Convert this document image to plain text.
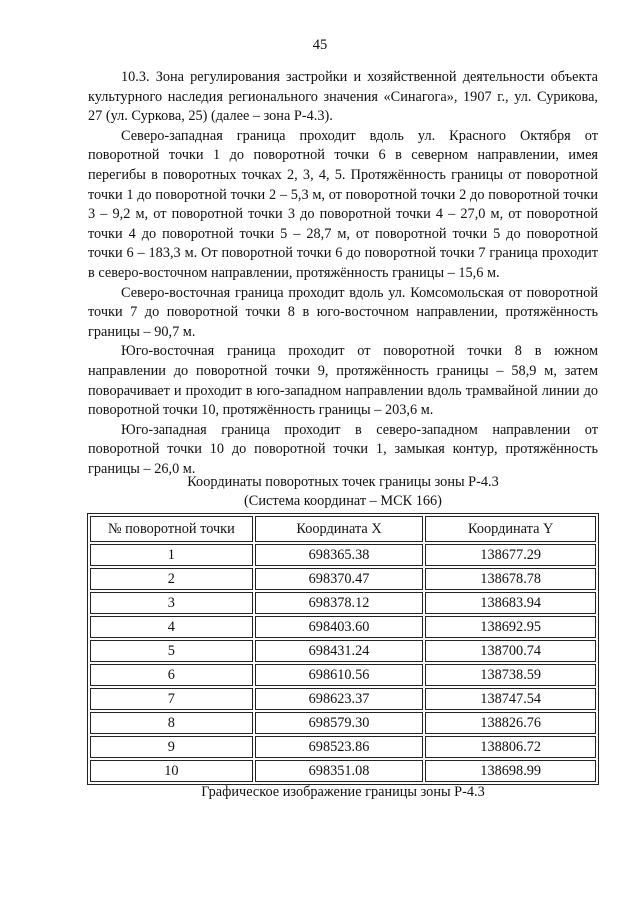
45

10.3. Зона регулирования застройки и хозяйственной деятельности объекта культурного наследия регионального значения «Синагога», 1907 г., ул. Сурикова, 27 (ул. Суркова, 25) (далее – зона Р-4.3).

Северо-западная граница проходит вдоль ул. Красного Октября от поворотной точки 1 до поворотной точки 6 в северном направлении, имея перегибы в поворотных точках 2, 3, 4, 5. Протяжённость границы от поворотной точки 1 до поворотной точки 2 – 5,3 м, от поворотной точки 2 до поворотной точки 3 – 9,2 м, от поворотной точки 3 до поворотной точки 4 – 27,0 м, от поворотной точки 4 до поворотной точки 5 – 28,7 м, от поворотной точки 5 до поворотной точки 6 – 183,3 м. От поворотной точки 6 до поворотной точки 7 граница проходит в северо-восточном направлении, протяжённость границы – 15,6 м.

Северо-восточная граница проходит вдоль ул. Комсомольская от поворотной точки 7 до поворотной точки 8 в юго-восточном направлении, протяжённость границы – 90,7 м.

Юго-восточная граница проходит от поворотной точки 8 в южном направлении до поворотной точки 9, протяжённость границы – 58,9 м, затем поворачивает и проходит в юго-западном направлении вдоль трамвайной линии до поворотной точки 10, протяжённость границы – 203,6 м.

Юго-западная граница проходит в северо-западном направлении от поворотной точки 10 до поворотной точки 1, замыкая контур, протяжённость границы – 26,0 м.

Координаты поворотных точек границы зоны Р-4.3
(Система координат – МСК 166)
№ поворотной точки	Координата X	Координата Y
1	698365.38	138677.29
2	698370.47	138678.78
3	698378.12	138683.94
4	698403.60	138692.95
5	698431.24	138700.74
6	698610.56	138738.59
7	698623.37	138747.54
8	698579.30	138826.76
9	698523.86	138806.72
10	698351.08	138698.99
Графическое изображение границы зоны Р-4.3
